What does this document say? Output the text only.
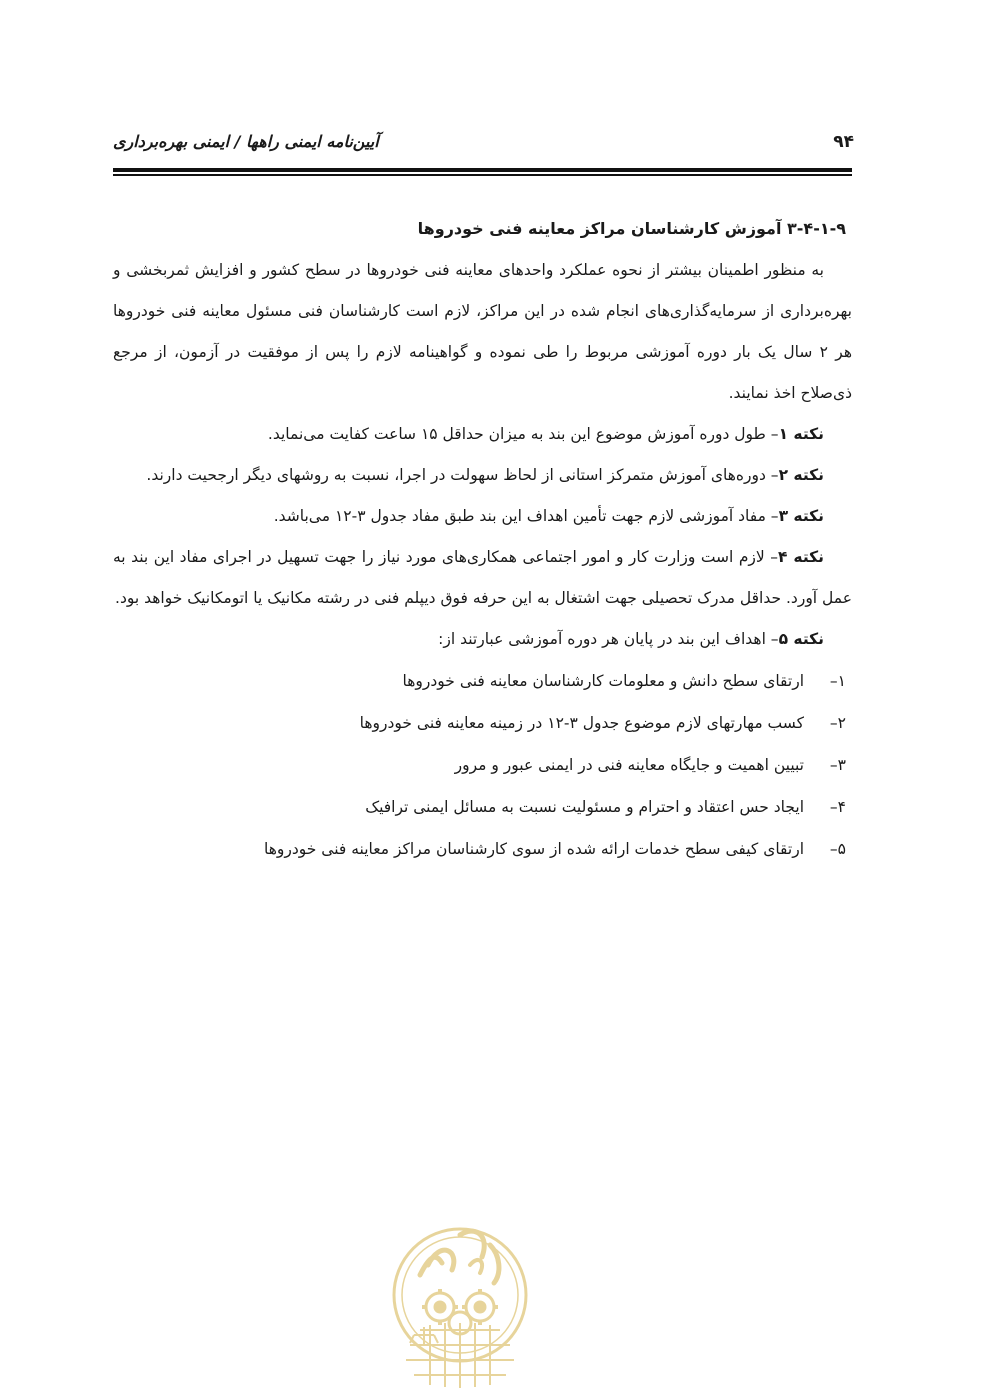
۹۴
آیین‌نامه ایمنی راهها / ایمنی بهره‌برداری
۳-۴-۱-۹ آموزش کارشناسان مراکز معاینه فنی خودروها

به منظور اطمینان بیشتر از نحوه عملکرد واحدهای معاینه فنی خودروها در سطح کشور و افزایش ثمربخشی و بهره‌برداری از سرمایه‌گذاری‌های انجام شده در این مراکز، لازم است کارشناسان فنی مسئول معاینه فنی خودروها هر ۲ سال یک بار دوره آموزشی مربوط را طی نموده و گواهینامه لازم را پس از موفقیت در آزمون، از مرجع ذی‌صلاح اخذ نمایند.

نکته ۱– طول دوره آموزش موضوع این بند به میزان حداقل ۱۵ ساعت کفایت می‌نماید.

نکته ۲– دوره‌های آموزش متمرکز استانی از لحاظ سهولت در اجرا، نسبت به روشهای دیگر ارجحیت دارند.

نکته ۳– مفاد آموزشی لازم جهت تأمین اهداف این بند طبق مفاد جدول ۳-۱۲ می‌باشد.

نکته ۴– لازم است وزارت کار و امور اجتماعی همکاری‌های مورد نیاز را جهت تسهیل در اجرای مفاد این بند به عمل آورد. حداقل مدرک تحصیلی جهت اشتغال به این حرفه فوق دیپلم فنی در رشته مکانیک یا اتومکانیک خواهد بود.

نکته ۵– اهداف این بند در پایان هر دوره آموزشی عبارتند از:

۱–
ارتقای سطح دانش و معلومات کارشناسان معاینه فنی خودروها
۲–
کسب مهارتهای لازم موضوع جدول ۳-۱۲ در زمینه معاینه فنی خودروها
۳–
تبیین اهمیت و جایگاه معاینه فنی در ایمنی عبور و مرور
۴–
ایجاد حس اعتقاد و احترام و مسئولیت نسبت به مسائل ایمنی ترافیک
۵–
ارتقای کیفی سطح خدمات ارائه شده از سوی کارشناسان مراکز معاینه فنی خودروها
